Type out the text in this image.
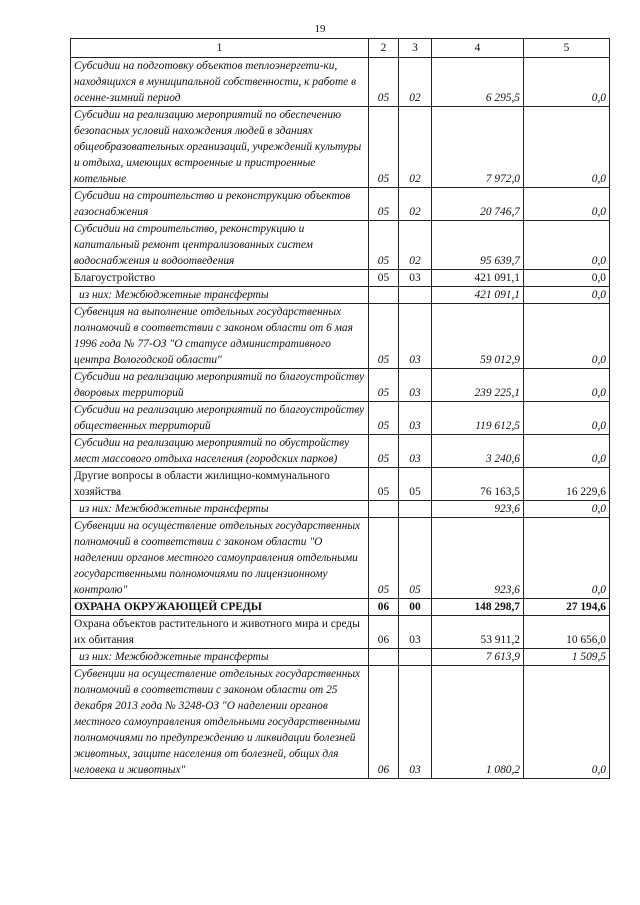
19
1	2	3	4	5
Субсидии на подготовку объектов теплоэнергети-ки, находящихся в муниципальной собственности, к работе в осенне-зимний период	05	02	6 295,5	0,0
Субсидии на реализацию мероприятий по обеспечению безопасных условий нахождения людей в зданиях общеобразовательных организаций, учреждений культуры и отдыха, имеющих встроенные и пристроенные котельные	05	02	7 972,0	0,0
Субсидии на строительство и реконструкцию объектов газоснабжения	05	02	20 746,7	0,0
Субсидии на строительство, реконструкцию и капитальный ремонт централизованных систем водоснабжения и водоотведения	05	02	95 639,7	0,0
Благоустройство	05	03	421 091,1	0,0
из них: Межбюджетные трансферты			421 091,1	0,0
Субвенция на выполнение отдельных государственных полномочий в соответствии с законом области от 6 мая 1996 года № 77-ОЗ "О статусе административного центра Вологодской области"	05	03	59 012,9	0,0
Субсидии на реализацию мероприятий по благоустройству дворовых территорий	05	03	239 225,1	0,0
Субсидии на реализацию мероприятий по благоустройству общественных территорий	05	03	119 612,5	0,0
Субсидии на реализацию мероприятий по обустройству мест массового отдыха населения (городских парков)	05	03	3 240,6	0,0
Другие вопросы в области жилищно-коммунального хозяйства	05	05	76 163,5	16 229,6
из них: Межбюджетные трансферты			923,6	0,0
Субвенции на осуществление отдельных государственных полномочий в соответствии с законом области "О наделении органов местного самоуправления отдельными государственными полномочиями по лицензионному контролю"	05	05	923,6	0,0
ОХРАНА ОКРУЖАЮЩЕЙ СРЕДЫ	06	00	148 298,7	27 194,6
Охрана объектов растительного и животного мира и среды их обитания	06	03	53 911,2	10 656,0
из них: Межбюджетные трансферты			7 613,9	1 509,5
Субвенции на осуществление отдельных государственных полномочий в соответствии с законом области от 25 декабря 2013 года № 3248-ОЗ "О наделении органов местного самоуправления отдельными государственными полномочиями по предупреждению и ликвидации болезней животных, защите населения от болезней, общих для человека и животных"	06	03	1 080,2	0,0
